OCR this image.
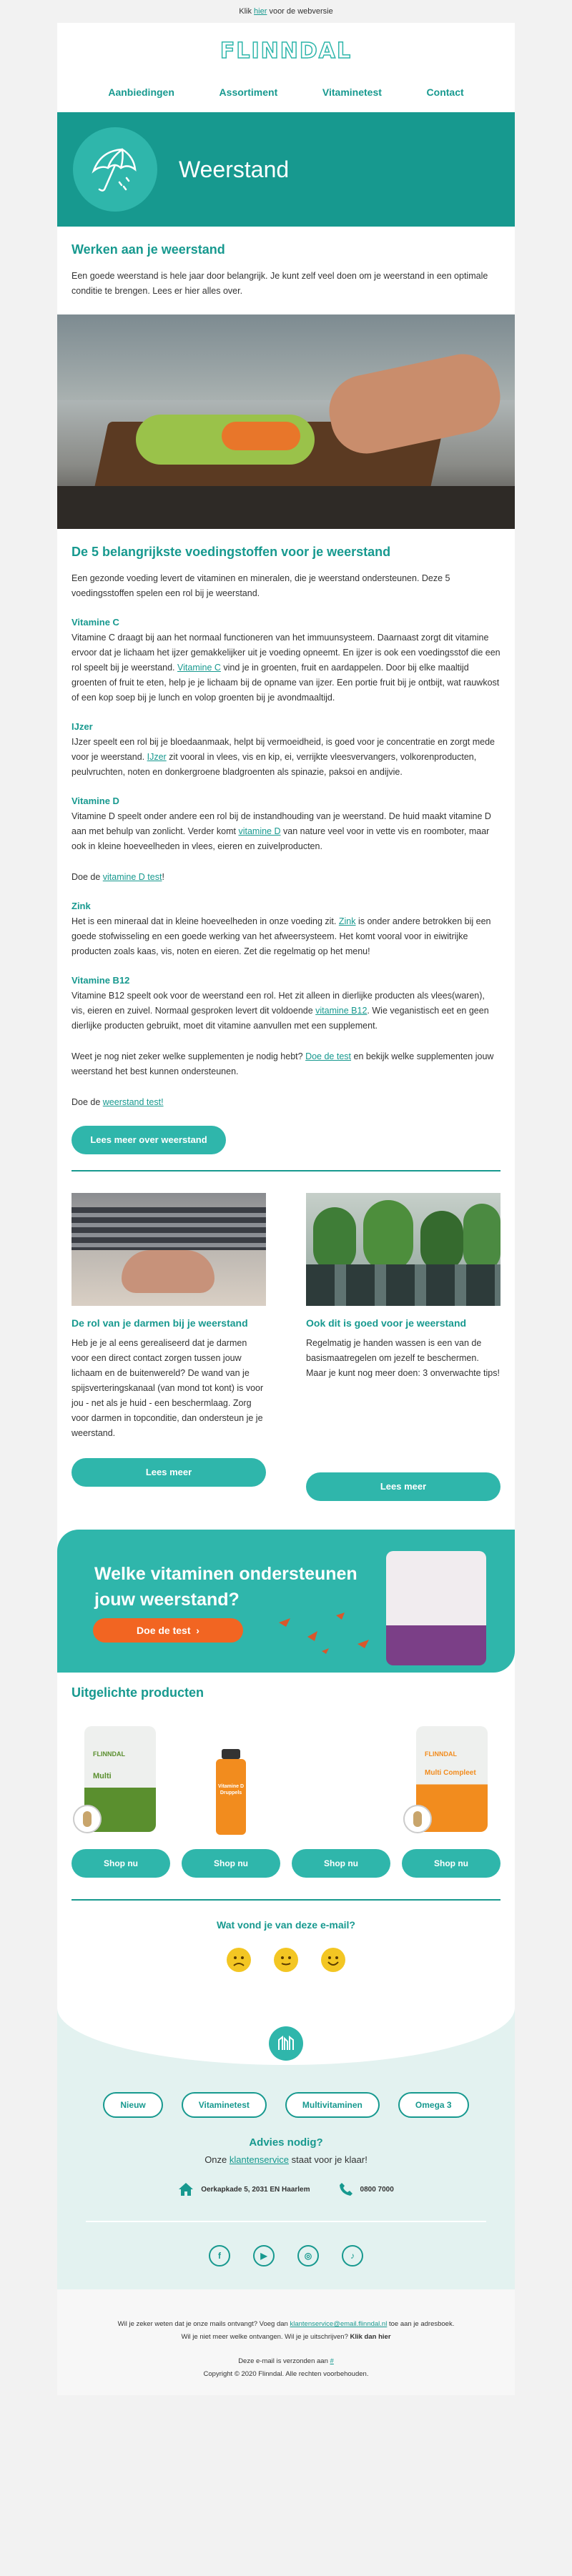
Klik hier voor de webversie
FLINNDAL
Aanbiedingen	Assortiment	Vitaminetest	Contact
Weerstand
Werken aan je weerstand

Een goede weerstand is hele jaar door belangrijk. Je kunt zelf veel doen om je weerstand in een optimale conditie te brengen. Lees er hier alles over.

De 5 belangrijkste voedingstoffen voor je weerstand

Een gezonde voeding levert de vitaminen en mineralen, die je weerstand ondersteunen. Deze 5 voedingsstoffen spelen een rol bij je weerstand.

Vitamine C

Vitamine C draagt bij aan het normaal functioneren van het immuunsysteem. Daarnaast zorgt dit vitamine ervoor dat je lichaam het ijzer gemakkelijker uit je voeding opneemt. En ijzer is ook een voedingsstof die een rol speelt bij je weerstand. Vitamine C vind je in groenten, fruit en aardappelen. Door bij elke maaltijd groenten of fruit te eten, help je je lichaam bij de opname van ijzer. Een portie fruit bij je ontbijt, wat rauwkost of een kop soep bij je lunch en volop groenten bij je avondmaaltijd.

IJzer

IJzer speelt een rol bij je bloedaanmaak, helpt bij vermoeidheid, is goed voor je concentratie en zorgt mede voor je weerstand. IJzer zit vooral in vlees, vis en kip, ei, verrijkte vleesvervangers, volkorenproducten, peulvruchten, noten en donkergroene bladgroenten als spinazie, paksoi en andijvie.

Vitamine D

Vitamine D speelt onder andere een rol bij de instandhouding van je weerstand. De huid maakt vitamine D aan met behulp van zonlicht. Verder komt vitamine D van nature veel voor in vette vis en roomboter, maar ook in kleine hoeveelheden in vlees, eieren en zuivelproducten.

Doe de vitamine D test!

Zink

Het is een mineraal dat in kleine hoeveelheden in onze voeding zit. Zink is onder andere betrokken bij een goede stofwisseling en een goede werking van het afweersysteem. Het komt vooral voor in eiwitrijke producten zoals kaas, vis, noten en eieren. Zet die regelmatig op het menu!

Vitamine B12

Vitamine B12 speelt ook voor de weerstand een rol. Het zit alleen in dierlijke producten als vlees(waren), vis, eieren en zuivel. Normaal gesproken levert dit voldoende vitamine B12. Wie veganistisch eet en geen dierlijke producten gebruikt, moet dit vitamine aanvullen met een supplement.

Weet je nog niet zeker welke supplementen je nodig hebt? Doe de test en bekijk welke supplementen jouw weerstand het best kunnen ondersteunen.

Doe de weerstand test!

Lees meer over weerstand
De rol van je darmen bij je weerstand

Heb je je al eens gerealiseerd dat je darmen voor een direct contact zorgen tussen jouw lichaam en de buitenwereld? De wand van je spijsverteringskanaal (van mond tot kont) is voor jou - net als je huid - een beschermlaag. Zorg voor darmen in topconditie, dan ondersteun je je weerstand.

Lees meer
Ook dit is goed voor je weerstand

Regelmatig je handen wassen is een van de basismaatregelen om jezelf te beschermen. Maar je kunt nog meer doen: 3 onverwachte tips!

Lees meer
Welke vitaminen ondersteunen
jouw weerstand?
Doe de test  ›
Uitgelichte producten
FLINNDAL
Multi
Shop nu
Vitamine D Druppels
Shop nu	Shop nu
FLINNDAL
Multi Compleet
Shop nu
Wat vond je van deze e-mail?
Nieuw	Vitaminetest	Multivitaminen	Omega 3
Advies nodig?
Onze klantenservice staat voor je klaar!
Oerkapkade 5, 2031 EN Haarlem	0800 7000
f	▶	◎	♪
Wil je zeker weten dat je onze mails ontvangt? Voeg dan klantenservice@email.flinndal.nl toe aan je adresboek.
Wil je niet meer welke ontvangen. Wil je je uitschrijven? Klik dan hier
Deze e-mail is verzonden aan #
Copyright © 2020 Flinndal. Alle rechten voorbehouden.
